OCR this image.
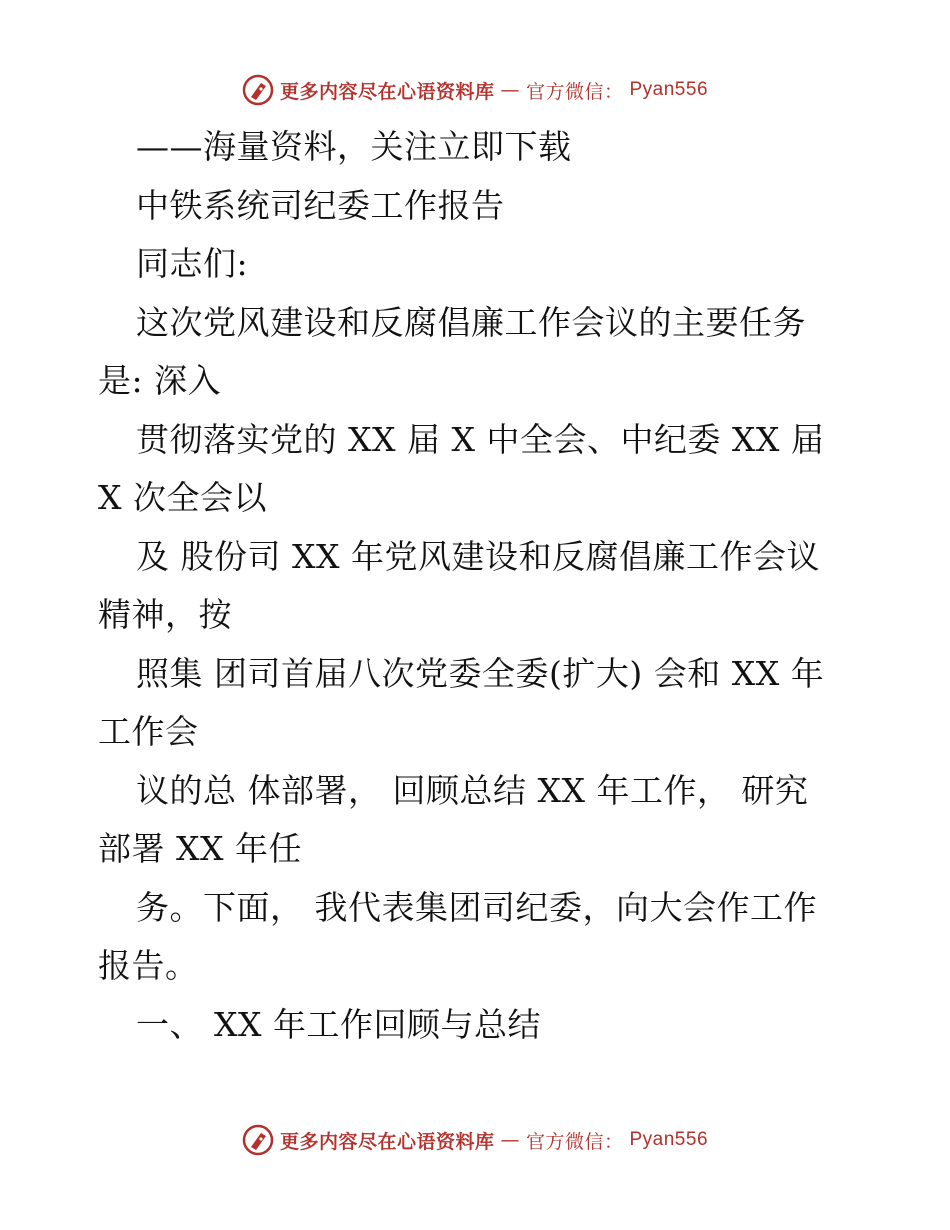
更多内容尽在心语资料库 — 官方微信： Pyan556
——海量资料，关注立即下载
中铁系统司纪委工作报告
同志们:
这次党风建设和反腐倡廉工作会议的主要任务
是: 深入
贯彻落实党的 XX 届 X 中全会、中纪委 XX 届
X 次全会以
及 股份司 XX 年党风建设和反腐倡廉工作会议
精神，按
照集 团司首届八次党委全委(扩大) 会和 XX 年
工作会
议的总 体部署， 回顾总结 XX 年工作， 研究
部署 XX 年任
务。下面， 我代表集团司纪委，向大会作工作
报告。
一、 XX 年工作回顾与总结
更多内容尽在心语资料库 — 官方微信： Pyan556
